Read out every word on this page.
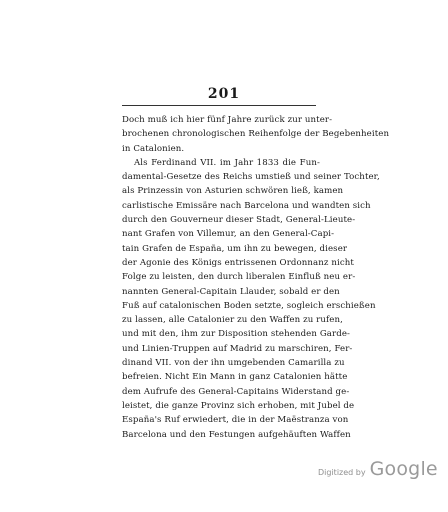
201
Doch muß ich hier fünf Jahre zurück zur unter-
brochenen chronologischen Reihenfolge der Begebenheiten
in Catalonien.
Als Ferdinand VII. im Jahr 1833 die Fun-
damental-Gesetze des Reichs umstieß und seiner Tochter,
als Prinzessin von Asturien schwören ließ, kamen
carlistische Emissäre nach Barcelona und wandten sich
durch den Gouverneur dieser Stadt, General-Lieute-
nant Grafen von Villemur, an den General-Capi-
tain Grafen de España, um ihn zu bewegen, dieser
der Agonie des Königs entrissenen Ordonnanz nicht
Folge zu leisten, den durch liberalen Einfluß neu er-
nannten General-Capitain Llauder, sobald er den
Fuß auf catalonischen Boden setzte, sogleich erschießen
zu lassen, alle Catalonier zu den Waffen zu rufen,
und mit den, ihm zur Disposition stehenden Garde-
und Linien-Truppen auf Madrid zu marschiren, Fer-
dinand VII. von der ihn umgebenden Camarilla zu
befreien. Nicht Ein Mann in ganz Catalonien hätte
dem Aufrufe des General-Capitains Widerstand ge-
leistet, die ganze Provinz sich erhoben, mit Jubel de
España's Ruf erwiedert, die in der Maëstranza von
Barcelona und den Festungen aufgehäuften Waffen
Digitized by Google
